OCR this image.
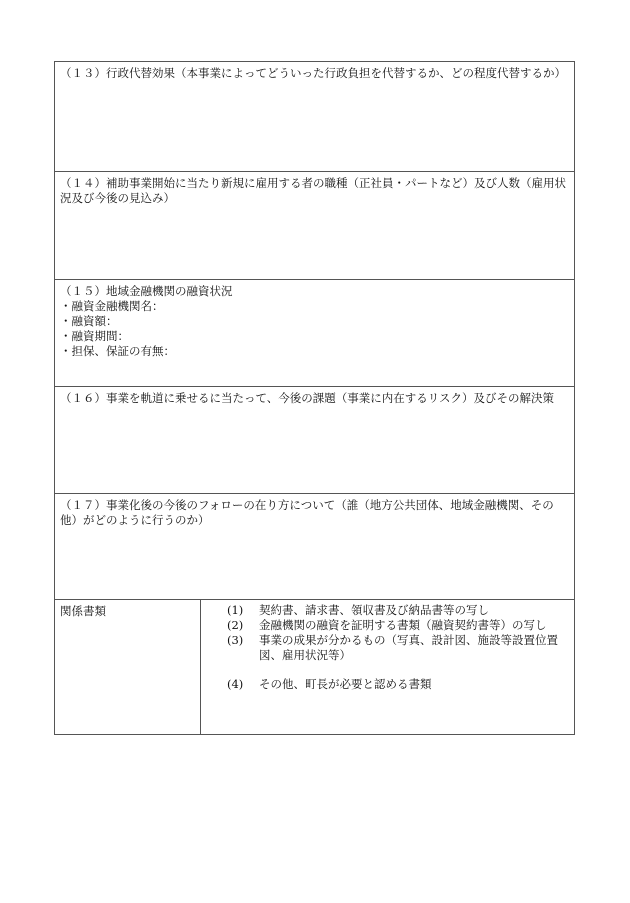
（１３）行政代替効果（本事業によってどういった行政負担を代替するか、どの程度代替するか）

（１４）補助事業開始に当たり新規に雇用する者の職種（正社員・パートなど）及び人数（雇用状況及び今後の見込み）

（１５）地域金融機関の融資状況

・融資金融機関名：
・融資額：
・融資期間：
・担保、保証の有無：

（１６）事業を軌道に乗せるに当たって、今後の課題（事業に内在するリスク）及びその解決策

（１７）事業化後の今後のフォローの在り方について（誰（地方公共団体、地域金融機関、その他）がどのように行うのか）

関係書類	(1)	契約書、請求書、領収書及び納品書等の写し
(2)	金融機関の融資を証明する書類（融資契約書等）の写し
(3)	事業の成果が分かるもの（写真、設計図、施設等設置位置図、雇用状況等）
(4)	その他、町長が必要と認める書類
